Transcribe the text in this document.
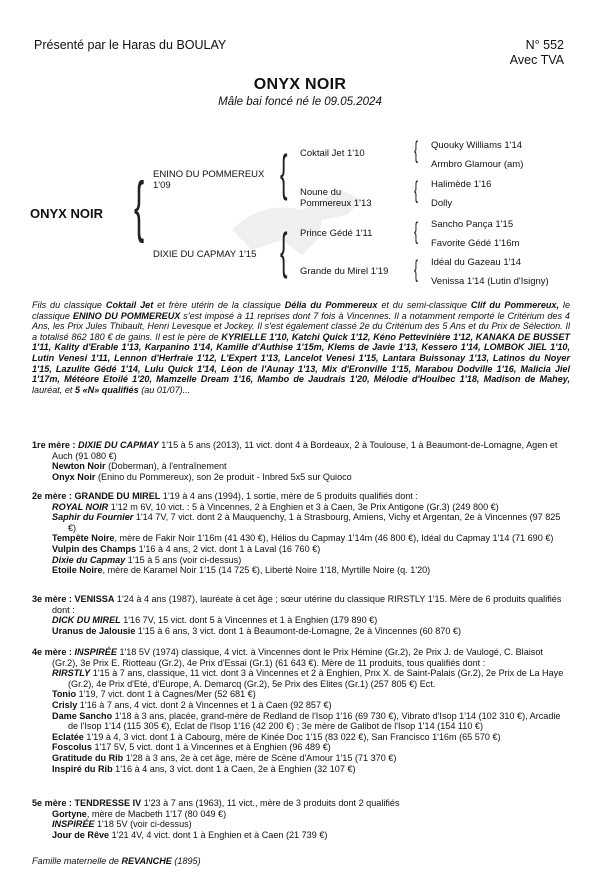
Présenté par le Haras du BOULAY	N° 552
Avec TVA
ONYX NOIR
Mâle bai foncé né le 09.05.2024
ONYX NOIR { ENINO DU POMMEREUX 1'09
DIXIE DU CAPMAY 1'15
{
{
Coktail Jet 1'10
Noune du Pommereux 1'13
Prince Gédé 1'11
Grande du Mirel 1'19
{
{
{
{
Quouky Williams 1'14
Armbro Glamour (am)
Halimède 1'16
Dolly
Sancho Pança 1'15
Favorite Gédé 1'16m
Idéal du Gazeau 1'14
Venissa 1'14 (Lutin d'Isigny)
Fils du classique Coktail Jet et frère utérin de la classique Délia du Pommereux et du semi-classique Clif du Pommereux, le classique ENINO DU POMMEREUX s'est imposé à 11 reprises dont 7 fois à Vincennes. Il a notamment remporté le Critérium des 4 Ans, les Prix Jules Thibault, Henri Levesque et Jockey. Il s'est également classé 2e du Critérium des 5 Ans et du Prix de Sélection. Il a totalisé 862 180 € de gains. Il est le père de KYRIELLE 1'10, Katchi Quick 1'12, Kéno Pettevinière 1'12, KANAKA DE BUSSET 1'11, Kality d'Erable 1'13, Karpanino 1'14, Kamille d'Authise 1'15m, Klems de Javie 1'13, Kessero 1'14, LOMBOK JIEL 1'10, Lutin Venesi 1'11, Lennon d'Herfraie 1'12, L'Expert 1'13, Lancelot Venesi 1'15, Lantara Buissonay 1'13, Latinos du Noyer 1'15, Lazulite Gédé 1'14, Lulu Quick 1'14, Léon de l'Aunay 1'13, Mix d'Eronville 1'15, Marabou Dodville 1'16, Malicia Jiel 1'17m, Météore Etoilé 1'20, Mamzelle Dream 1'16, Mambo de Jaudrais 1'20, Mélodie d'Houlbec 1'18, Madison de Mahey, lauréat, et 5 «N» qualifiés (au 01/07)...

1re mère : DIXIE DU CAPMAY 1'15 à 5 ans (2013), 11 vict. dont 4 à Bordeaux, 2 à Toulouse, 1 à Beaumont-de-Lomagne, Agen et Auch (91 080 €)

Newton Noir (Doberman), à l'entraînement

Onyx Noir (Enino du Pommereux), son 2e produit - Inbred 5x5 sur Quioco

2e mère : GRANDE DU MIREL 1'19 à 4 ans (1994), 1 sortie, mère de 5 produits qualifiés dont :

ROYAL NOIR 1'12 m 6V, 10 vict. : 5 à Vincennes, 2 à Enghien et 3 à Caen, 3e Prix Antigone (Gr.3) (249 800 €)

Saphir du Fournier 1'14 7V, 7 vict. dont 2 à Mauquenchy, 1 à Strasbourg, Amiens, Vichy et Argentan, 2e à Vincennes (97 825 €)

Tempête Noire, mère de Fakir Noir 1'16m (41 430 €), Hélios du Capmay 1'14m (46 800 €), Idéal du Capmay 1'14 (71 690 €)

Vulpin des Champs 1'16 à 4 ans, 2 vict. dont 1 à Laval (16 760 €)

Dixie du Capmay 1'15 à 5 ans (voir ci-dessus)

Etoile Noire, mère de Karamel Noir 1'15 (14 725 €), Liberté Noire 1'18, Myrtille Noire (q. 1'20)

3e mère : VENISSA 1'24 à 4 ans (1987), lauréate à cet âge ; sœur utérine du classique RIRSTLY 1'15. Mère de 6 produits qualifiés dont :

DICK DU MIREL 1'16 7V, 15 vict. dont 5 à Vincennes et 1 à Enghien (179 890 €)

Uranus de Jalousie 1'15 à 6 ans, 3 vict. dont 1 à Beaumont-de-Lomagne, 2e à Vincennes (60 870 €)

4e mère : INSPIRÉE 1'18 5V (1974) classique, 4 vict. à Vincennes dont le Prix Hémine (Gr.2), 2e Prix J. de Vaulogé, C. Blaisot (Gr.2), 3e Prix E. Riotteau (Gr.2), 4e Prix d'Essai (Gr.1) (61 643 €). Mère de 11 produits, tous qualifiés dont :

RIRSTLY 1'15 à 7 ans, classique, 11 vict. dont 3 à Vincennes et 2 à Enghien, Prix X. de Saint-Palais (Gr.2), 2e Prix de La Haye (Gr.2), 4e Prix d'Eté, d'Europe, A. Demarcq (Gr.2), 5e Prix des Elites (Gr.1) (257 805 €) Ect.

Tonio 1'19, 7 vict. dont 1 à Cagnes/Mer (52 681 €)

Crisly 1'16 à 7 ans, 4 vict. dont 2 à Vincennes et 1 à Caen (92 857 €)

Dame Sancho 1'18 à 3 ans, placée, grand-mère de Redland de l'Isop 1'16 (69 730 €), Vibrato d'Isop 1'14 (102 310 €), Arcadie de l'Isop 1'14 (115 305 €), Eclat de l'Isop 1'16 (42 200 €) ; 3e mère de Galibot de l'Isop 1'14 (154 110 €)

Eclatée 1'19 à 4, 3 vict. dont 1 à Cabourg, mère de Kinée Doc 1'15 (83 022 €), San Francisco 1'16m (65 570 €)

Foscolus 1'17 5V, 5 vict. dont 1 à Vincennes et à Enghien (96 489 €)

Gratitude du Rib 1'28 à 3 ans, 2e à cet âge, mère de Scène d'Amour 1'15 (71 370 €)

Inspiré du Rib 1'16 à 4 ans, 3 vict. dont 1 à Caen, 2e à Enghien (32 107 €)

5e mère : TENDRESSE IV 1'23 à 7 ans (1963), 11 vict., mère de 3 produits dont 2 qualifiés

Gortyne, mère de Macbeth 1'17 (80 049 €)

INSPIRÉE 1'18 5V (voir ci-dessus)

Jour de Rêve 1'21 4V, 4 vict. dont 1 à Enghien et à Caen (21 739 €)

Famille maternelle de REVANCHE (1895)
